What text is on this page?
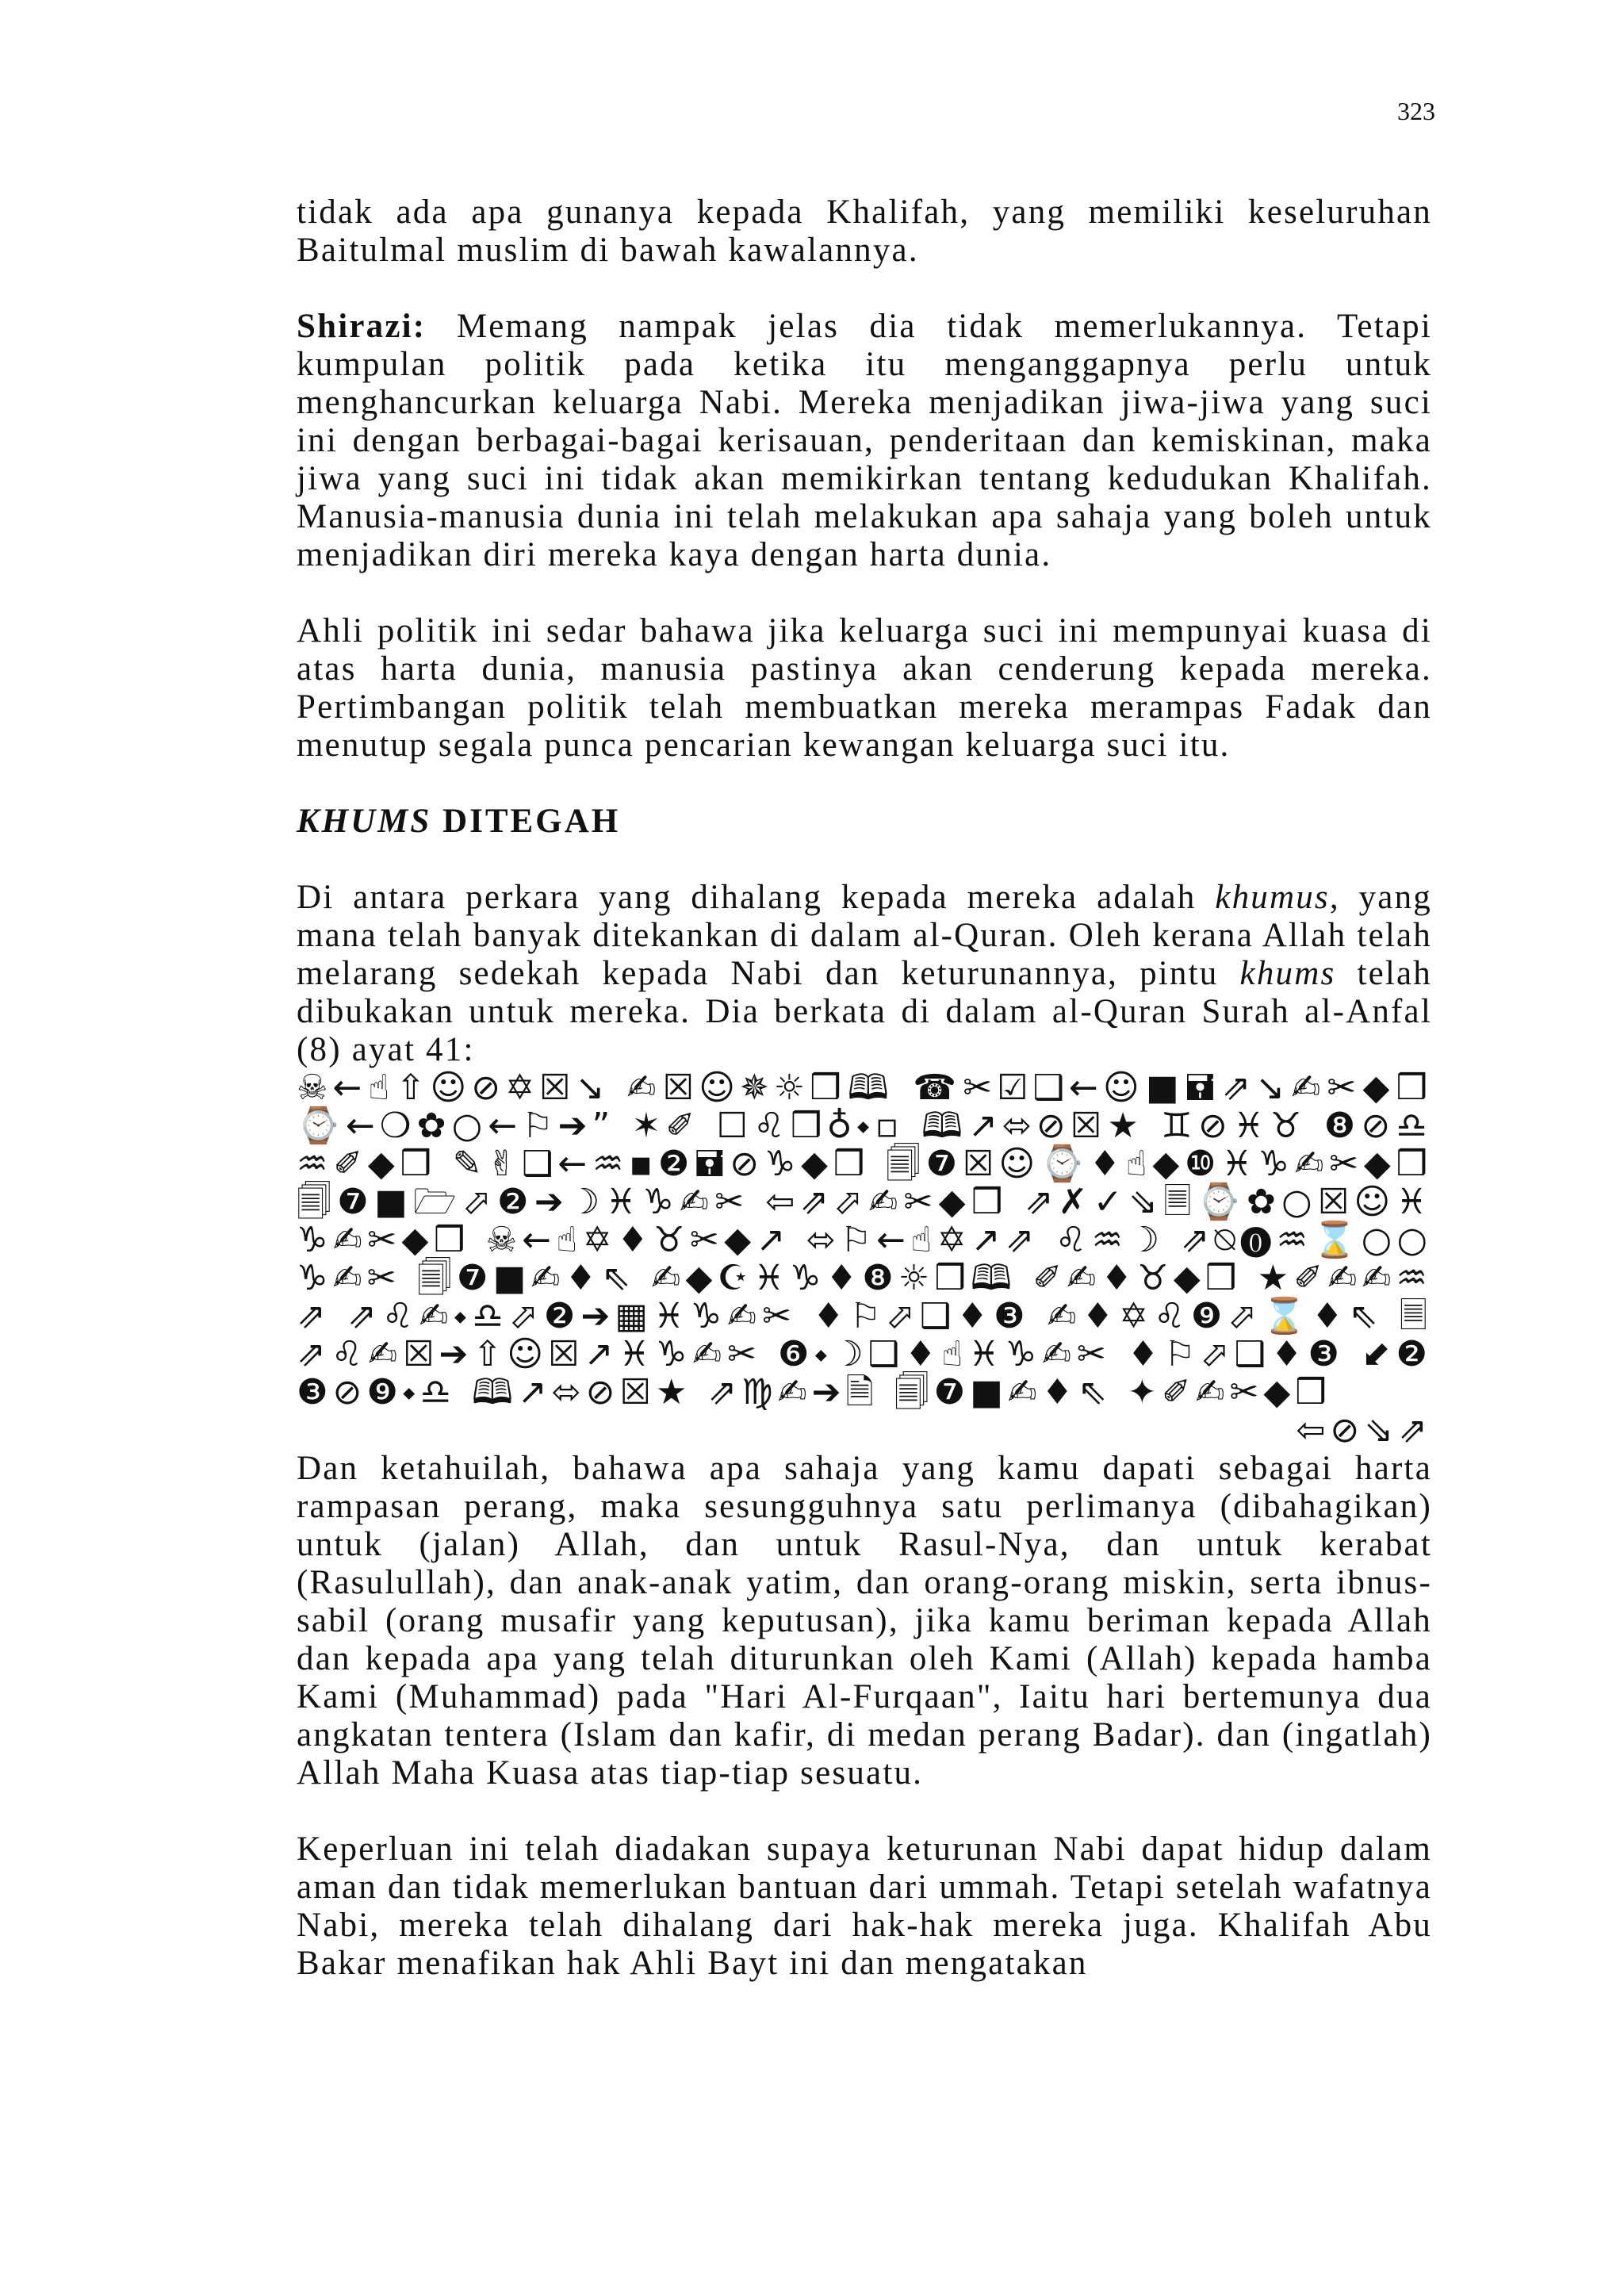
323

tidak ada apa gunanya kepada Khalifah, yang memiliki keseluruhan Baitulmal muslim di bawah kawalannya.

Shirazi: Memang nampak jelas dia tidak memerlukannya. Tetapi kumpulan politik pada ketika itu menganggapnya perlu untuk menghancurkan keluarga Nabi. Mereka menjadikan jiwa-jiwa yang suci ini dengan berbagai-bagai kerisauan, penderitaan dan kemiskinan, maka jiwa yang suci ini tidak akan memikirkan tentang kedudukan Khalifah. Manusia-manusia dunia ini telah melakukan apa sahaja yang boleh untuk menjadikan diri mereka kaya dengan harta dunia.

Ahli politik ini sedar bahawa jika keluarga suci ini mempunyai kuasa di atas harta dunia, manusia pastinya akan cenderung kepada mereka. Pertimbangan politik telah membuatkan mereka merampas Fadak dan menutup segala punca pencarian kewangan keluarga suci itu.

KHUMS DITEGAH

Di antara perkara yang dihalang kepada mereka adalah khumus, yang mana telah banyak ditekankan di dalam al-Quran. Oleh kerana Allah telah melarang sedekah kepada Nabi dan keturunannya, pintu khums telah dibukakan untuk mereka. Dia berkata di dalam al-Quran Surah al-Anfal (8) ayat 41:

☠←☝⇧☺⊘✡☒↘ ✍☒☺✵☼❒🕮 ☎✂☑❑←☺■🖬⇗↘✍✂◆❒ ⌚←❍✿○←⚐➔” ✶✐ ☐♌❒♁⬩▫ 🕮↗⬄⊘☒★ ♊⊘♓♉ ❽⊘♎♒✐◆❒ ✎✌❑←♒▪❷🖬⊘♑◆❒ 🗐❼☒☺⌚♦☝◆❿♓♑✍✂◆❒ 🗐❼■🗁⬀❷➔☽♓♑✍✂ ⇦⇗⬀✍✂◆❒ ⇗✗✓⇘🗏⌚✿○☒☺♓♑✍✂◆❒ ☠←☝✡♦♉✂◆↗ ⬄⚐←☝✡↗⇗ ♌♒☽ ⇗⍉⓿♒⌛○○♑✍✂ 🗐❼■✍♦⇖ ✍◆☪♓♑♦❽☼❒🕮 ✐✍♦♉◆❒ ★✐✍✍♒⇗ ⇗♌✍⬩♎⬀❷➔▦♓♑✍✂ ♦⚐⬀❑♦❸ ✍♦✡♌❾⬀⌛♦⇖ 🗏 ⇗♌✍☒➔⇧☺☒↗♓♑✍✂ ❻⬩☽❑♦☝♓♑✍✂ ♦⚐⬀❑♦❸ ⬋❷❸⊘❾⬩♎ 🕮↗⬄⊘☒★ ⇗♍✍➔🗎 🗐❼■✍♦⇖ ✦✐✍✂◆❒
⇦⊘⇘⇗

Dan ketahuilah, bahawa apa sahaja yang kamu dapati sebagai harta rampasan perang, maka sesungguhnya satu perlimanya (dibahagikan) untuk (jalan) Allah, dan untuk Rasul-Nya, dan untuk kerabat (Rasulullah), dan anak-anak yatim, dan orang-orang miskin, serta ibnus-sabil (orang musafir yang keputusan), jika kamu beriman kepada Allah dan kepada apa yang telah diturunkan oleh Kami (Allah) kepada hamba Kami (Muhammad) pada "Hari Al-Furqaan", Iaitu hari bertemunya dua angkatan tentera (Islam dan kafir, di medan perang Badar). dan (ingatlah) Allah Maha Kuasa atas tiap-tiap sesuatu.

Keperluan ini telah diadakan supaya keturunan Nabi dapat hidup dalam aman dan tidak memerlukan bantuan dari ummah. Tetapi setelah wafatnya Nabi, mereka telah dihalang dari hak-hak mereka juga. Khalifah Abu Bakar menafikan hak Ahli Bayt ini dan mengatakan
